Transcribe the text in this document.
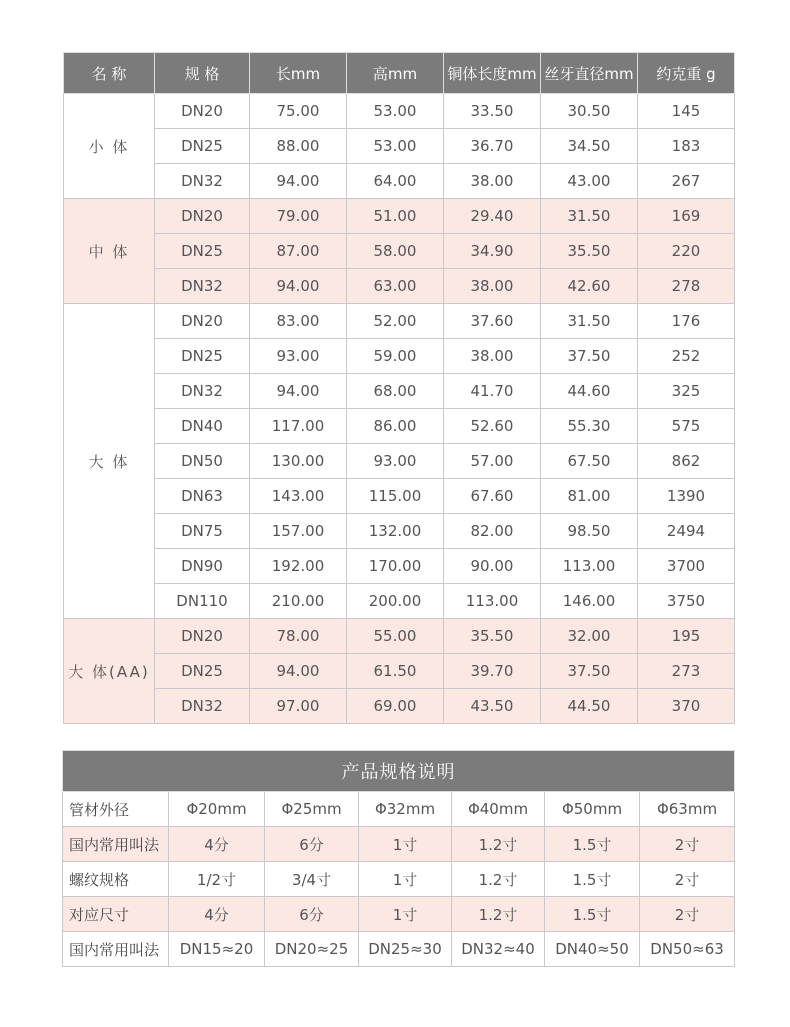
名 称	规 格	长mm	高mm	铜体长度mm	丝牙直径mm	约克重 g
小 体	DN20	75.00	53.00	33.50	30.50	145
	DN25	88.00	53.00	36.70	34.50	183
	DN32	94.00	64.00	38.00	43.00	267
中 体	DN20	79.00	51.00	29.40	31.50	169
	DN25	87.00	58.00	34.90	35.50	220
	DN32	94.00	63.00	38.00	42.60	278
大 体	DN20	83.00	52.00	37.60	31.50	176
	DN25	93.00	59.00	38.00	37.50	252
	DN32	94.00	68.00	41.70	44.60	325
	DN40	117.00	86.00	52.60	55.30	575
	DN50	130.00	93.00	57.00	67.50	862
	DN63	143.00	115.00	67.60	81.00	1390
	DN75	157.00	132.00	82.00	98.50	2494
	DN90	192.00	170.00	90.00	113.00	3700
	DN110	210.00	200.00	113.00	146.00	3750
大 体(AA)	DN20	78.00	55.00	35.50	32.00	195
	DN25	94.00	61.50	39.70	37.50	273
	DN32	97.00	69.00	43.50	44.50	370
产品规格说明						
管材外径	Φ20mm	Φ25mm	Φ32mm	Φ40mm	Φ50mm	Φ63mm
国内常用叫法	4分	6分	1寸	1.2寸	1.5寸	2寸
螺纹规格	1/2寸	3/4寸	1寸	1.2寸	1.5寸	2寸
对应尺寸	4分	6分	1寸	1.2寸	1.5寸	2寸
国内常用叫法	DN15≈20	DN20≈25	DN25≈30	DN32≈40	DN40≈50	DN50≈63
